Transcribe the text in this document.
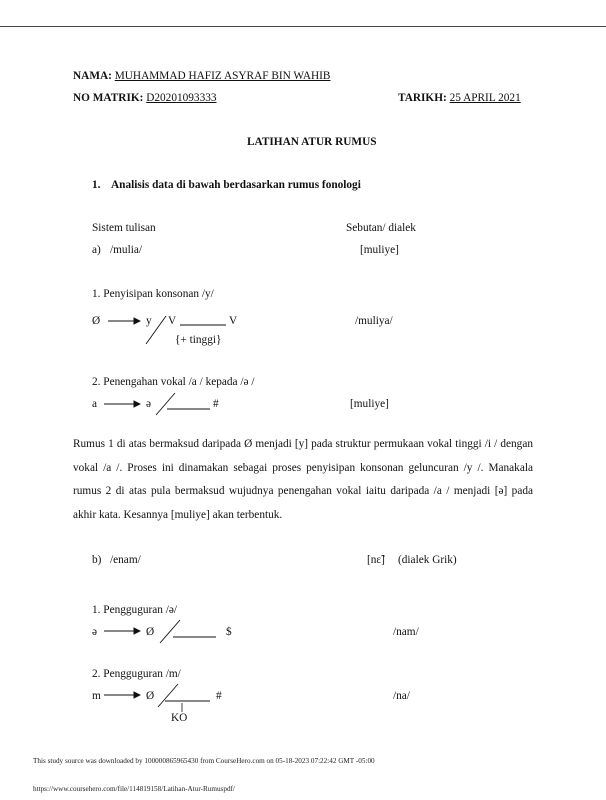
NAMA: MUHAMMAD HAFIZ ASYRAF BIN WAHIB
NO MATRIK: D20201093333	TARIKH: 25 APRIL 2021
LATIHAN ATUR RUMUS
1. Analisis data di bawah berdasarkan rumus fonologi
Sistem tulisan	Sebutan/ dialek
a) /mulia/	[muliye]
1. Penyisipan konsonan /y/
Ø	y V	V
{+ tinggi}
/muliya/
2. Penengahan vokal /a / kepada /ə /
a	ə	#	[muliye]
Rumus 1 di atas bermaksud daripada Ø menjadi [y] pada struktur permukaan vokal tinggi /i / dengan vokal /a /. Proses ini dinamakan sebagai proses penyisipan konsonan geluncuran /y /. Manakala rumus 2 di atas pula bermaksud wujudnya penengahan vokal iaitu daripada /a / menjadi [ə] pada akhir kata. Kesannya [muliye] akan terbentuk.
b) /enam/	[nɛ̃] (dialek Grik)
1. Pengguguran /ə/
ə	Ø	$	/nam/
2. Pengguguran /m/
m	Ø	#
KO
/na/
This study source was downloaded by 100000865965430 from CourseHero.com on 05-18-2023 07:22:42 GMT -05:00
https://www.coursehero.com/file/114819158/Latihan-Atur-Rumuspdf/
